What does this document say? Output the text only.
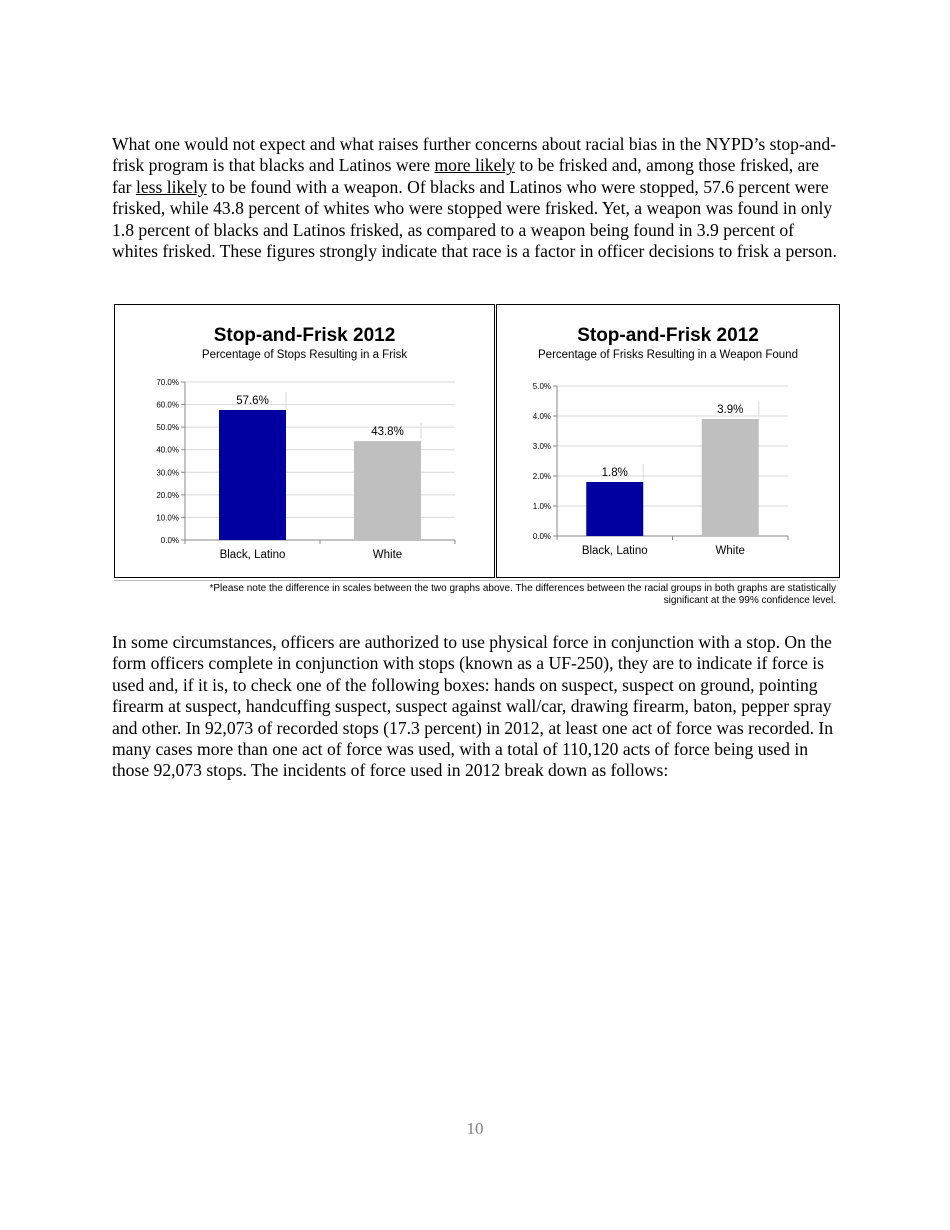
What one would not expect and what raises further concerns about racial bias in the NYPD’s stop-and-frisk program is that blacks and Latinos were more likely to be frisked and, among those frisked, are far less likely to be found with a weapon. Of blacks and Latinos who were stopped, 57.6 percent were frisked, while 43.8 percent of whites who were stopped were frisked. Yet, a weapon was found in only 1.8 percent of blacks and Latinos frisked, as compared to a weapon being found in 3.9 percent of whites frisked. These figures strongly indicate that race is a factor in officer decisions to frisk a person.

Stop-and-Frisk 2012
Percentage of Stops Resulting in a Frisk
0.0%
10.0%
20.0%
30.0%
40.0%
50.0%
60.0%
70.0%
57.6%
Black, Latino
43.8%
White
Stop-and-Frisk 2012
Percentage of Frisks Resulting in a Weapon Found
0.0%
1.0%
2.0%
3.0%
4.0%
5.0%
1.8%
Black, Latino
3.9%
White

*Please note the difference in scales between the two graphs above. The differences between the racial groups in both graphs are statistically significant at the 99% confidence level.

In some circumstances, officers are authorized to use physical force in conjunction with a stop. On the form officers complete in conjunction with stops (known as a UF-250), they are to indicate if force is used and, if it is, to check one of the following boxes: hands on suspect, suspect on ground, pointing firearm at suspect, handcuffing suspect, suspect against wall/car, drawing firearm, baton, pepper spray and other. In 92,073 of recorded stops (17.3 percent) in 2012, at least one act of force was recorded. In many cases more than one act of force was used, with a total of 110,120 acts of force being used in those 92,073 stops. The incidents of force used in 2012 break down as follows:

10
